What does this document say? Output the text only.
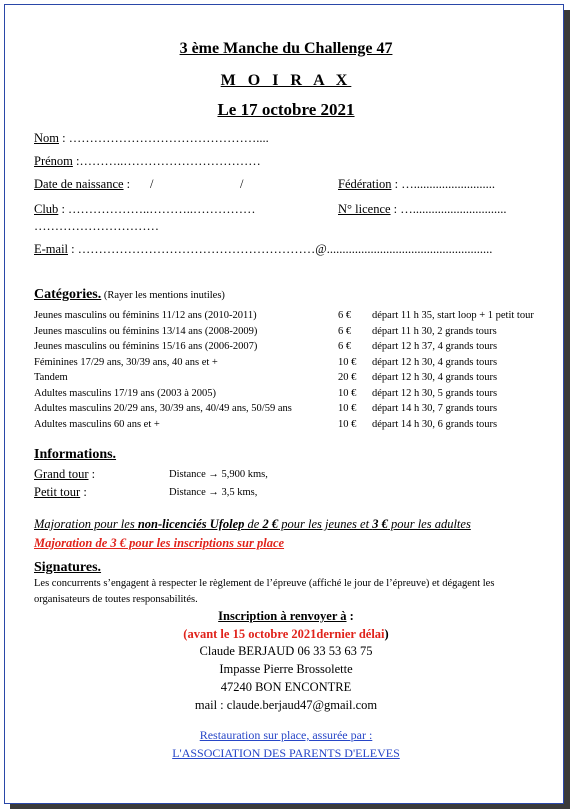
3 ème Manche du Challenge 47
M O I R A X
Le 17 octobre 2021
Nom : ………………………………………....
Prénom :………..……………………………
Date de naissance : /	/	Fédération : …..........................
Club : ………………..………..……………
…………………………
N° licence : …..............................
E-mail : …………………………………………………@.....................................................
Catégories. (Rayer les mentions inutiles)
Jeunes masculins ou féminins 11/12 ans (2010-2011)	6 € départ 11 h 35, start loop + 1 petit tour
Jeunes masculins ou féminins 13/14 ans (2008-2009)	6 € départ 11 h 30, 2 grands tours
Jeunes masculins ou féminins 15/16 ans (2006-2007)	6 € départ 12 h 37, 4 grands tours
Féminines 17/29 ans, 30/39 ans, 40 ans et +	10 € départ 12 h 30, 4 grands tours
Tandem	20 € départ 12 h 30, 4 grands tours
Adultes masculins 17/19 ans (2003 à 2005)	10 € départ 12 h 30, 5 grands tours
Adultes masculins 20/29 ans, 30/39 ans, 40/49 ans, 50/59 ans	10 € départ 14 h 30, 7 grands tours
Adultes masculins 60 ans et +	10 € départ 14 h 30, 6 grands tours
Informations.
Grand tour :	Distance → 5,900 kms,
Petit tour :	Distance → 3,5 kms,
Majoration pour les non-licenciés Ufolep de 2 € pour les jeunes et 3 € pour les adultes
Majoration de 3 € pour les inscriptions sur place
Signatures.
Les concurrents s’engagent à respecter le règlement de l’épreuve (affiché le jour de l’épreuve) et dégagent les
organisateurs de toutes responsabilités.
Inscription à renvoyer à :
(avant le 15 octobre 2021dernier délai)
Claude BERJAUD 06 33 53 63 75
Impasse Pierre Brossolette
47240 BON ENCONTRE
mail : claude.berjaud47@gmail.com
Restauration sur place, assurée par :
L'ASSOCIATION DES PARENTS D'ELEVES
